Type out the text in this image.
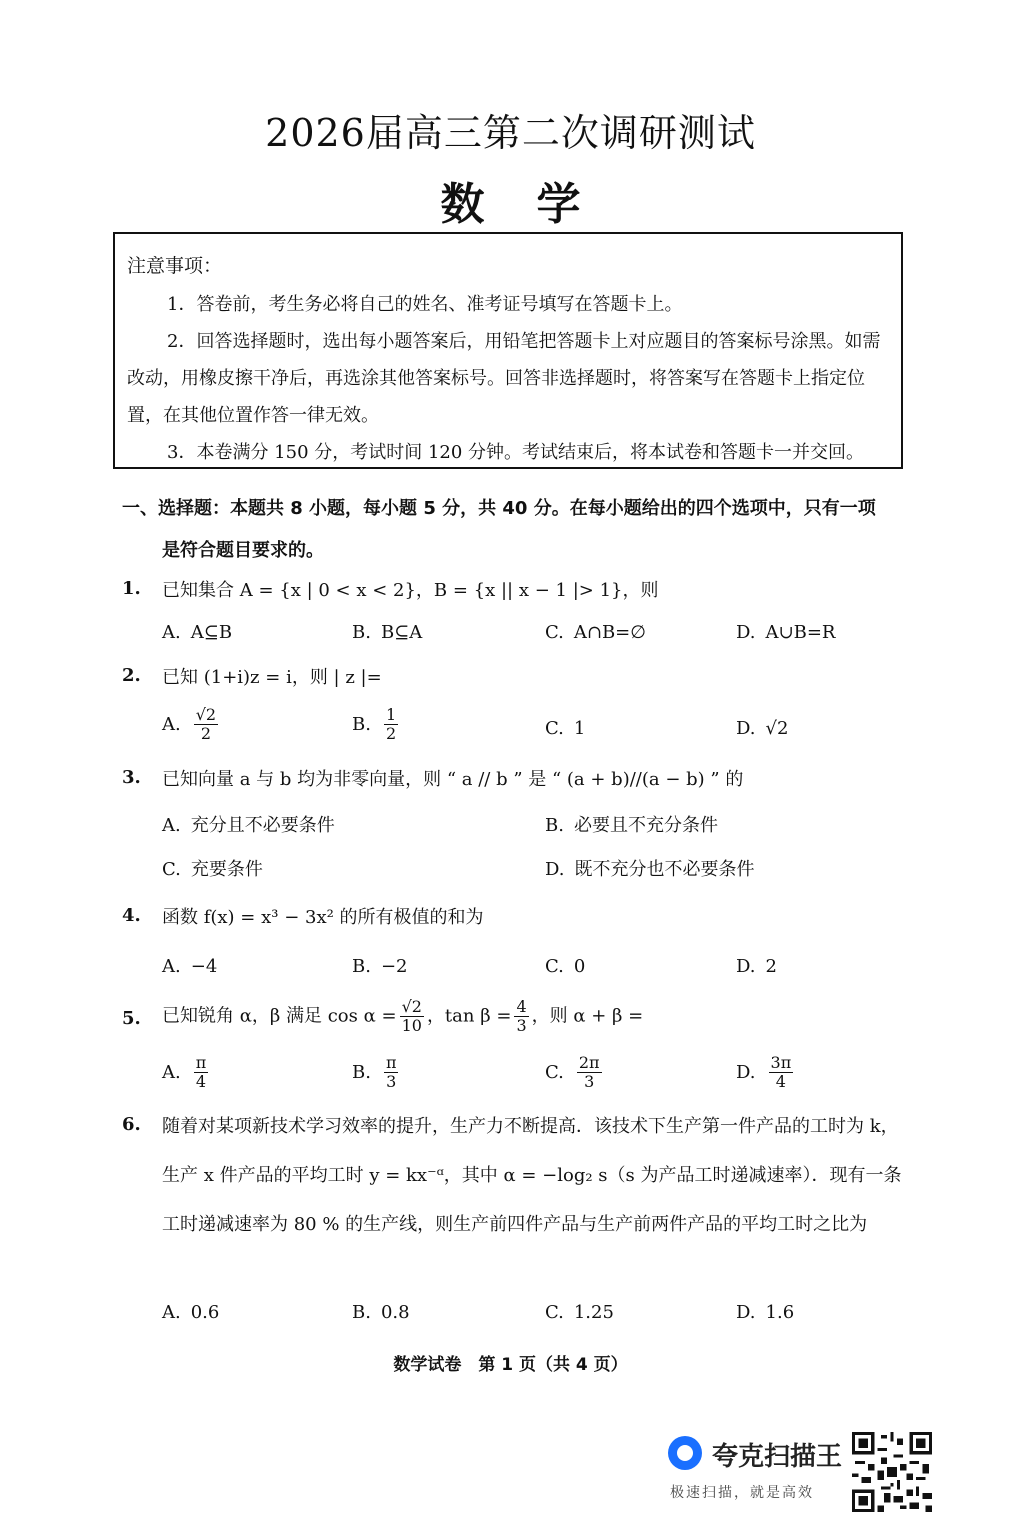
2026届高三第二次调研测试
数 学
注意事项：

1．答卷前，考生务必将自己的姓名、准考证号填写在答题卡上。

2．回答选择题时，选出每小题答案后，用铅笔把答题卡上对应题目的答案标号涂黑。如需改动，用橡皮擦干净后，再选涂其他答案标号。回答非选择题时，将答案写在答题卡上指定位置，在其他位置作答一律无效。

3．本卷满分 150 分，考试时间 120 分钟。考试结束后，将本试卷和答题卡一并交回。

一、选择题：本题共 8 小题，每小题 5 分，共 40 分。在每小题给出的四个选项中，只有一项
是符合题目要求的。
1. 已知集合 A = {x | 0 < x < 2}，B = {x || x − 1 |> 1}，则
A. A⊆B	B. B⊆A	C. A∩B=∅	D. A∪B=R
2. 已知 (1+i)z = i，则 | z |=
A. $\frac{√2}{2}$	B. $\frac{1}{2}$	C. 1	D. √2
3. 已知向量 a 与 b 均为非零向量，则 “ a // b ” 是 “ (a + b)//(a − b) ” 的
A. 充分且不必要条件	B. 必要且不充分条件
C. 充要条件	D. 既不充分也不必要条件
4. 函数 f(x) = x³ − 3x² 的所有极值的和为
A. −4	B. −2	C. 0	D. 2
5. 已知锐角 α，β 满足 $\cos \alpha = \frac{√2}{10}$ ，$\tan \beta = \frac{4}{3}$ ，则 α + β =
A. $\frac{\pi}{4}$	B. $\frac{\pi}{3}$	C. $\frac{2\pi}{3}$	D. $\frac{3\pi}{4}$
6. 随着对某项新技术学习效率的提升，生产力不断提高．该技术下生产第一件产品的工时为 k，生产 x 件产品的平均工时 y = kx⁻ᵅ，其中 α = −log₂ s（s 为产品工时递减速率）．现有一条工时递减速率为 80 % 的生产线，则生产前四件产品与生产前两件产品的平均工时之比为
A. 0.6	B. 0.8	C. 1.25	D. 1.6
数学试卷　第 1 页（共 4 页）
夸克扫描王
极速扫描，就是高效
